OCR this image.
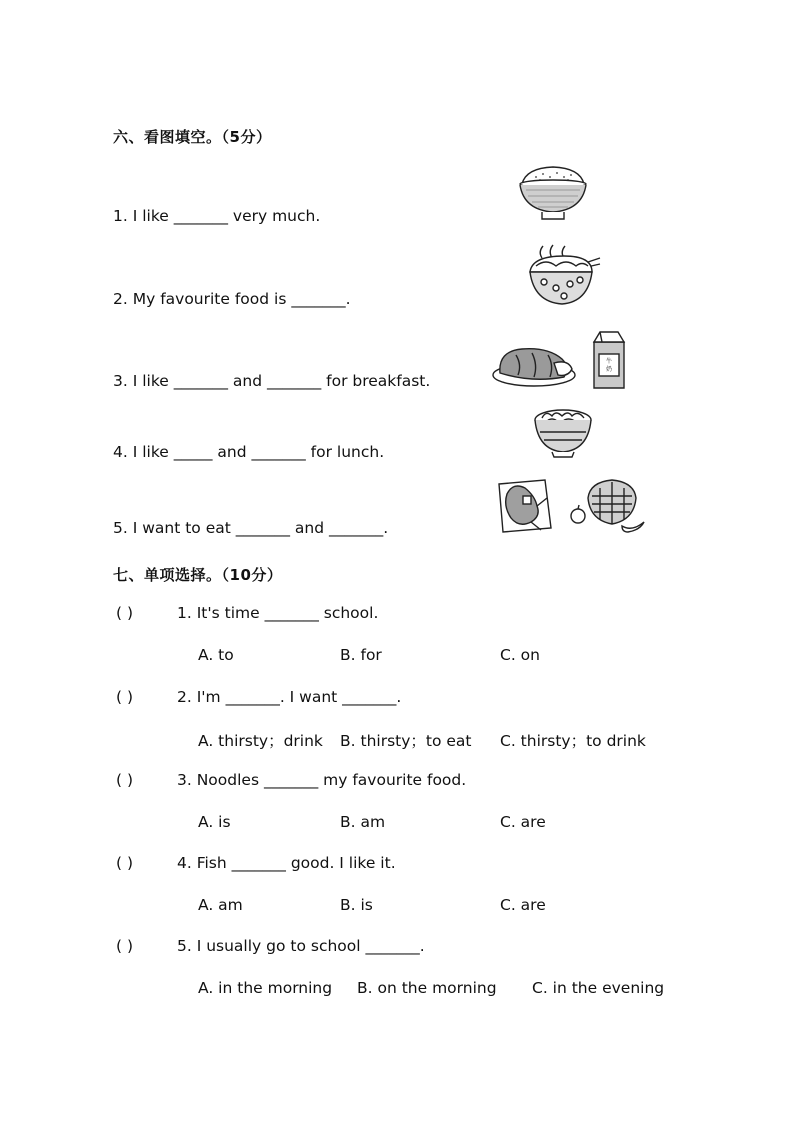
六、看图填空。（5分）
1. I like _______ very much.
2. My favourite food is _______.
3. I like _______ and _______ for breakfast.
4. I like _____ and _______ for lunch.
5. I want to eat _______ and _______.
牛
奶
七、单项选择。（10分）
( )	1. It's time _______ school.
A. to	B. for	C. on
( )	2. I'm _______. I want _______.
A. thirsty；drink B. thirsty；to eat C. thirsty；to drink
( )	3. Noodles _______ my favourite food.
A. is	B. am	C. are
( )	4. Fish _______ good. I like it.
A. am	B. is	C. are
( )	5. I usually go to school _______.
A. in the morning B. on the morning C. in the evening
